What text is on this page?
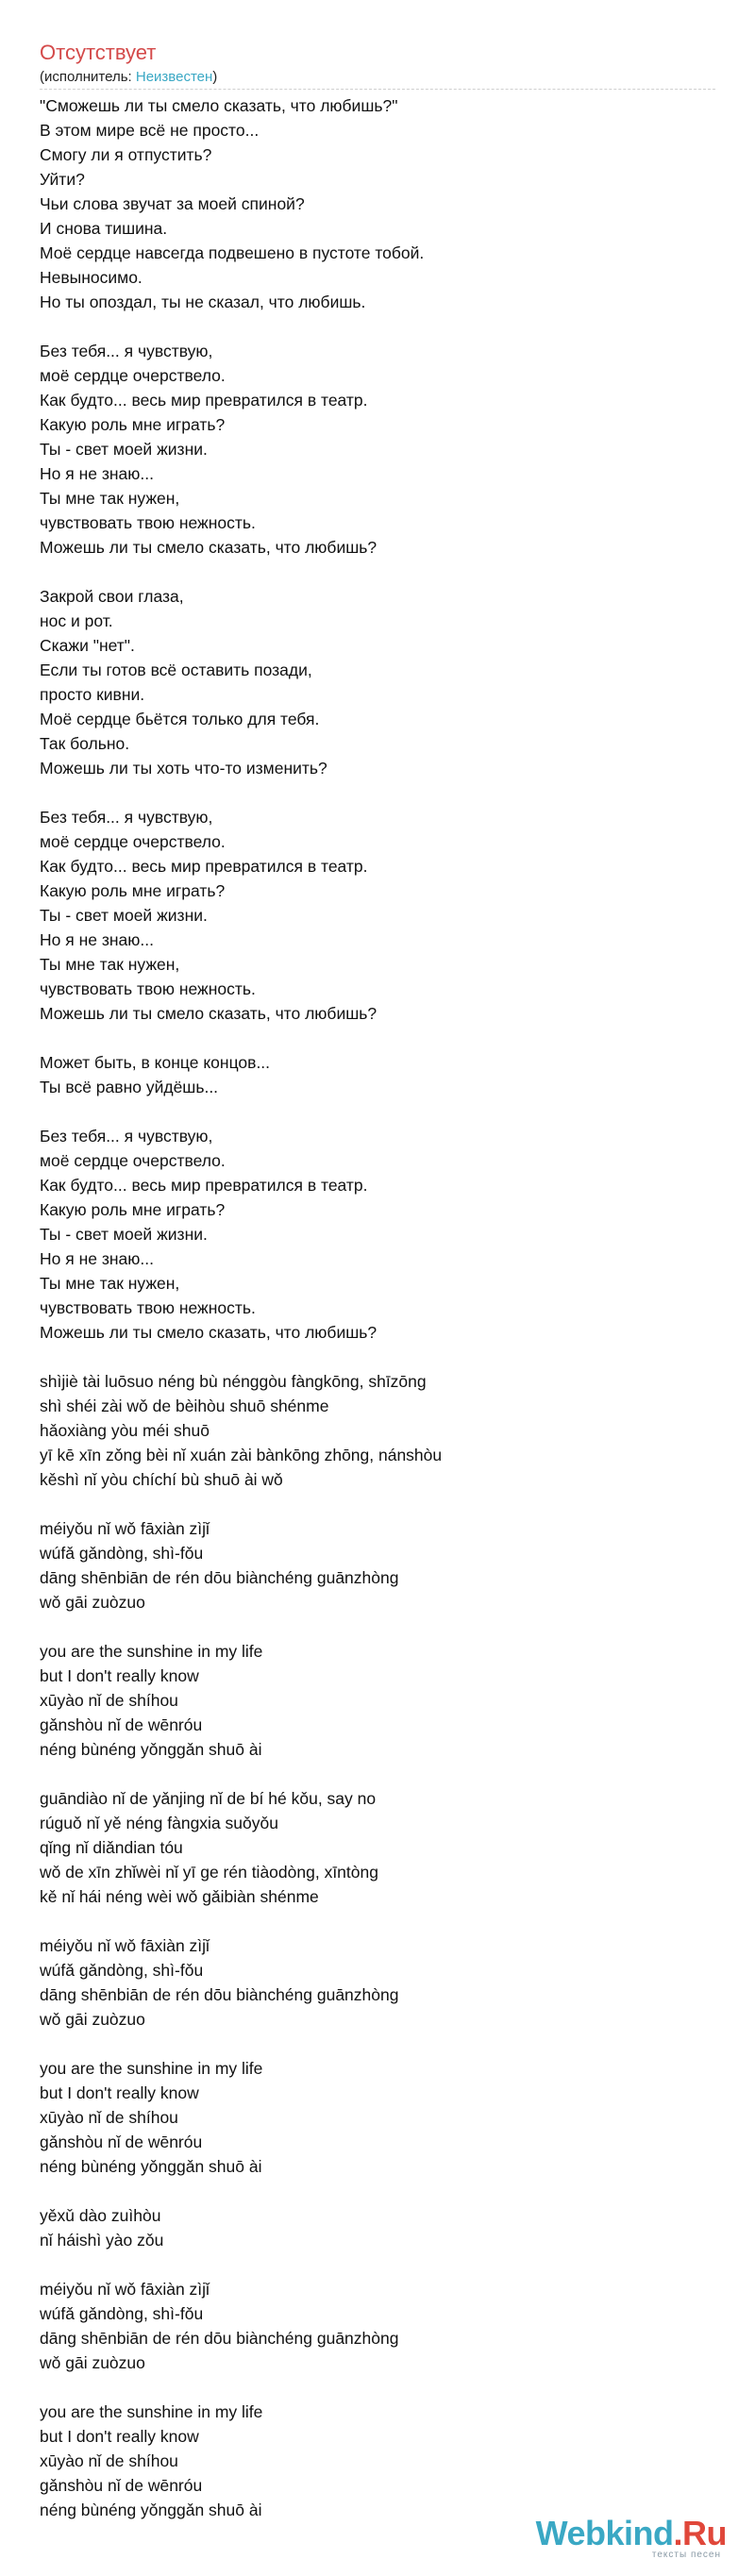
Отсутствует
(исполнитель: Неизвестен)
"Сможешь ли ты смело сказать, что любишь?"
В этом мире всё не просто...
Смогу ли я отпустить?
Уйти?
Чьи слова звучат за моей спиной?
И снова тишина.
Моё сердце навсегда подвешено в пустоте тобой.
Невыносимо.
Но ты опоздал, ты не сказал, что любишь.
Без тебя... я чувствую,
моё сердце очерствело.
Как будто... весь мир превратился в театр.
Какую роль мне играть?
Ты - свет моей жизни.
Но я не знаю...
Ты мне так нужен,
чувствовать твою нежность.
Можешь ли ты смело сказать, что любишь?
Закрой свои глаза,
нос и рот.
Скажи "нет".
Если ты готов всё оставить позади,
просто кивни.
Моё сердце бьётся только для тебя.
Так больно.
Можешь ли ты хоть что-то изменить?
Без тебя... я чувствую,
моё сердце очерствело.
Как будто... весь мир превратился в театр.
Какую роль мне играть?
Ты - свет моей жизни.
Но я не знаю...
Ты мне так нужен,
чувствовать твою нежность.
Можешь ли ты смело сказать, что любишь?
Может быть, в конце концов...
Ты всё равно уйдёшь...
Без тебя... я чувствую,
моё сердце очерствело.
Как будто... весь мир превратился в театр.
Какую роль мне играть?
Ты - свет моей жизни.
Но я не знаю...
Ты мне так нужен,
чувствовать твою нежность.
Можешь ли ты смело сказать, что любишь?
shìjiè tài luōsuo néng bù nénggòu fàngkōng, shīzōng
shì shéi zài wǒ de bèihòu shuō shénme
hǎoxiàng yòu méi shuō
yī kē xīn zǒng bèi nǐ xuán zài bànkōng zhōng, nánshòu
kěshì nǐ yòu chíchí bù shuō ài wǒ
méiyǒu nǐ wǒ fāxiàn zìjǐ
wúfǎ gǎndòng, shì-fǒu
dāng shēnbiān de rén dōu biànchéng guānzhòng
wǒ gāi zuòzuo
you are the sunshine in my life
but I don't really know
xūyào nǐ de shíhou
gǎnshòu nǐ de wēnróu
néng bùnéng yǒnggǎn shuō ài
guāndiào nǐ de yǎnjing nǐ de bí hé kǒu, say no
rúguǒ nǐ yě néng fàngxia suǒyǒu
qǐng nǐ diǎndian tóu
wǒ de xīn zhǐwèi nǐ yī ge rén tiàodòng, xīntòng
kě nǐ hái néng wèi wǒ gǎibiàn shénme
méiyǒu nǐ wǒ fāxiàn zìjǐ
wúfǎ gǎndòng, shì-fǒu
dāng shēnbiān de rén dōu biànchéng guānzhòng
wǒ gāi zuòzuo
you are the sunshine in my life
but I don't really know
xūyào nǐ de shíhou
gǎnshòu nǐ de wēnróu
néng bùnéng yǒnggǎn shuō ài
yěxǔ dào zuìhòu
nǐ háishì yào zǒu
méiyǒu nǐ wǒ fāxiàn zìjǐ
wúfǎ gǎndòng, shì-fǒu
dāng shēnbiān de rén dōu biànchéng guānzhòng
wǒ gāi zuòzuo
you are the sunshine in my life
but I don't really know
xūyào nǐ de shíhou
gǎnshòu nǐ de wēnróu
néng bùnéng yǒnggǎn shuō ài
Webkind.Ru
тексты песен
